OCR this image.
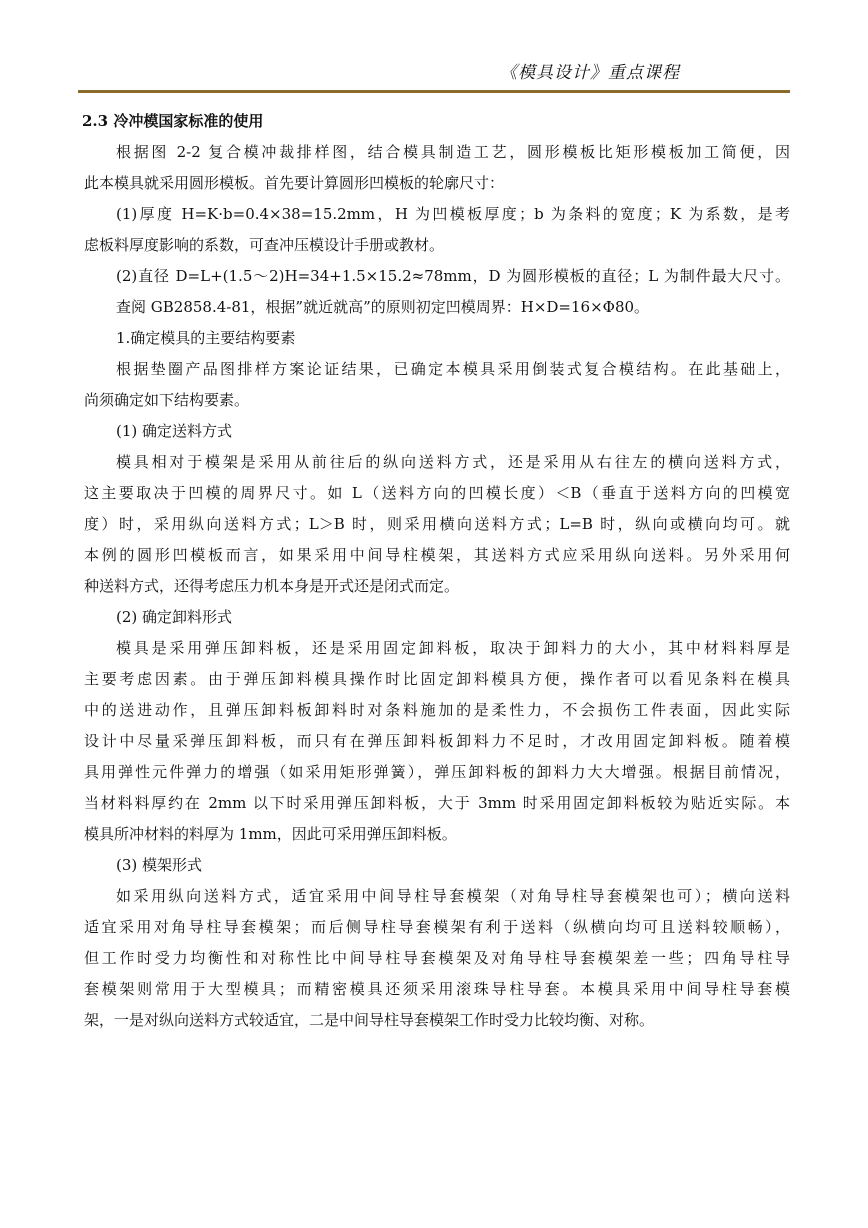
《模具设计》重点课程
2.3 冷冲模国家标准的使用
根据图 2-2 复合模冲裁排样图，结合模具制造工艺，圆形模板比矩形模板加工简便，因
此本模具就采用圆形模板。首先要计算圆形凹模板的轮廓尺寸：
(1)厚度 H=K·b=0.4×38=15.2mm，H 为凹模板厚度；b 为条料的宽度；K 为系数，是考
虑板料厚度影响的系数，可查冲压模设计手册或教材。
(2)直径 D=L+(1.5～2)H=34+1.5×15.2≈78mm，D 为圆形模板的直径；L 为制件最大尺寸。
查阅 GB2858.4-81，根据”就近就高”的原则初定凹模周界：H×D=16×Φ80。
1.确定模具的主要结构要素
根据垫圈产品图排样方案论证结果，已确定本模具采用倒装式复合模结构。在此基础上，
尚须确定如下结构要素。
(1) 确定送料方式
模具相对于模架是采用从前往后的纵向送料方式，还是采用从右往左的横向送料方式，
这主要取决于凹模的周界尺寸。如 L（送料方向的凹模长度）＜B（垂直于送料方向的凹模宽
度）时，采用纵向送料方式；L＞B 时，则采用横向送料方式；L=B 时，纵向或横向均可。就
本例的圆形凹模板而言，如果采用中间导柱模架，其送料方式应采用纵向送料。另外采用何
种送料方式，还得考虑压力机本身是开式还是闭式而定。
(2) 确定卸料形式
模具是采用弹压卸料板，还是采用固定卸料板，取决于卸料力的大小，其中材料料厚是
主要考虑因素。由于弹压卸料模具操作时比固定卸料模具方便，操作者可以看见条料在模具
中的送进动作，且弹压卸料板卸料时对条料施加的是柔性力，不会损伤工件表面，因此实际
设计中尽量采弹压卸料板，而只有在弹压卸料板卸料力不足时，才改用固定卸料板。随着模
具用弹性元件弹力的增强（如采用矩形弹簧），弹压卸料板的卸料力大大增强。根据目前情况，
当材料料厚约在 2mm 以下时采用弹压卸料板，大于 3mm 时采用固定卸料板较为贴近实际。本
模具所冲材料的料厚为 1mm，因此可采用弹压卸料板。
(3) 模架形式
如采用纵向送料方式，适宜采用中间导柱导套模架（对角导柱导套模架也可）；横向送料
适宜采用对角导柱导套模架；而后侧导柱导套模架有利于送料（纵横向均可且送料较顺畅），
但工作时受力均衡性和对称性比中间导柱导套模架及对角导柱导套模架差一些；四角导柱导
套模架则常用于大型模具；而精密模具还须采用滚珠导柱导套。本模具采用中间导柱导套模
架，一是对纵向送料方式较适宜，二是中间导柱导套模架工作时受力比较均衡、对称。
